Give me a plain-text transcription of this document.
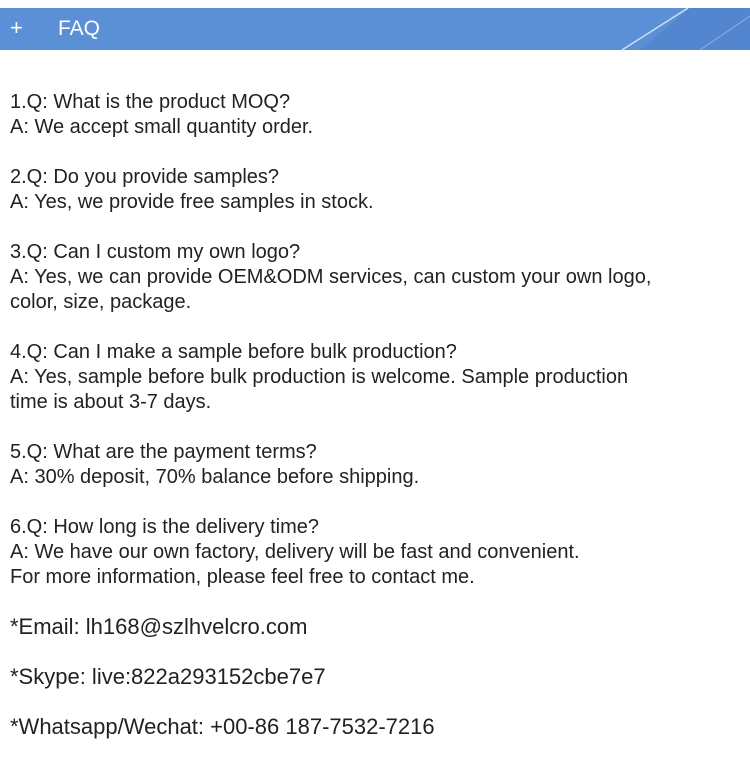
+ FAQ
1.Q: What is the product MOQ?
A: We accept small quantity order.
2.Q: Do you provide samples?
A: Yes, we provide free samples in stock.
3.Q: Can I custom my own logo?
A: Yes, we can provide OEM&ODM services, can custom your own logo,
color, size, package.
4.Q: Can I make a sample before bulk production?
A: Yes, sample before bulk production is welcome. Sample production
time is about 3-7 days.
5.Q: What are the payment terms?
A: 30% deposit, 70% balance before shipping.
6.Q: How long is the delivery time?
A: We have our own factory, delivery will be fast and convenient.
For more information, please feel free to contact me.
*Email: lh168@szlhvelcro.com
*Skype: live:822a293152cbe7e7
*Whatsapp/Wechat: +00-86 187-7532-7216
